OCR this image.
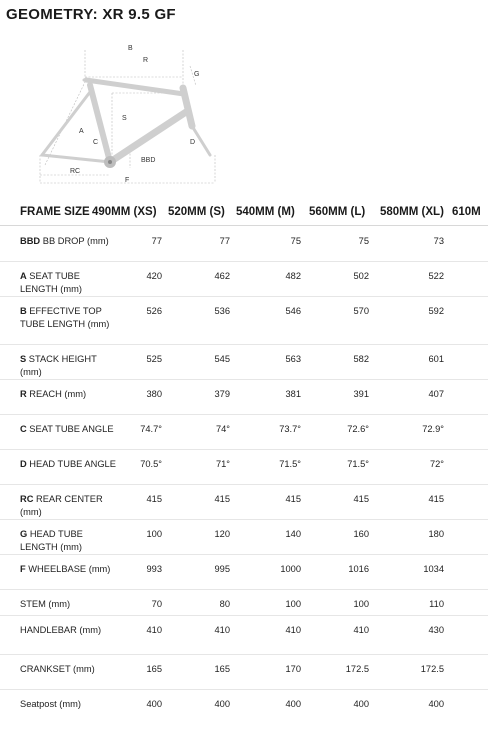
GEOMETRY: XR 9.5 GF
B
R
G
S
A
C	D
BBD
RC
F
FRAME SIZE 490MM (XS) 520MM (S) 540MM (M) 560MM (L) 580MM (XL) 610M
BBD BB DROP (mm)	77	77	75	75	73
A SEAT TUBE LENGTH (mm)
420	462	482	502	522
B EFFECTIVE TOP TUBE LENGTH (mm)
526	536	546	570	592
S STACK HEIGHT (mm)
525	545	563	582	601
R REACH (mm)	380	379	381	391	407
C SEAT TUBE ANGLE	74.7°	74°	73.7°	72.6°	72.9°
D HEAD TUBE ANGLE	70.5°	71°	71.5°	71.5°	72°
RC REAR CENTER (mm)
415	415	415	415	415
G HEAD TUBE LENGTH (mm)
100	120	140	160	180
F WHEELBASE (mm)	993	995	1000	1016	1034
STEM (mm)	70	80	100	100	110
HANDLEBAR (mm)	410	410	410	410	430
CRANKSET (mm)	165	165	170	172.5	172.5
Seatpost (mm)	400	400	400	400	400
